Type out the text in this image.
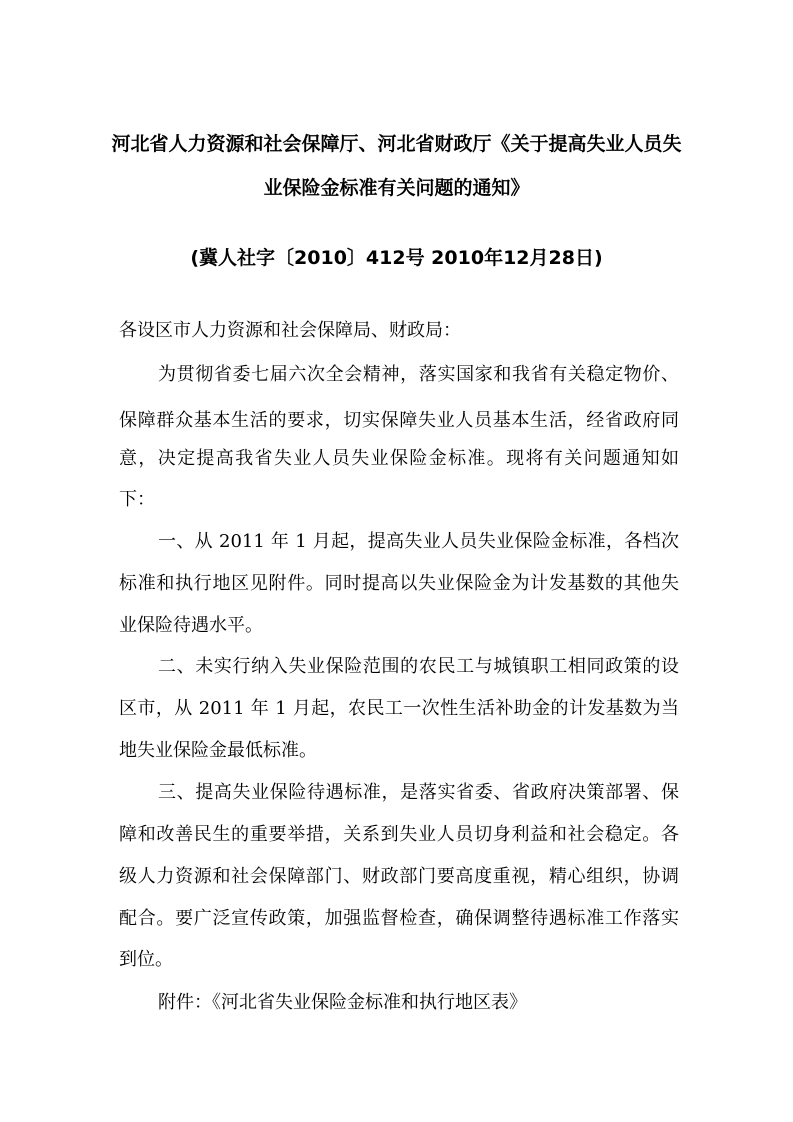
河北省人力资源和社会保障厅、河北省财政厅《关于提高失业人员失
业保险金标准有关问题的通知》
(冀人社字〔2010〕412号 2010年12月28日)
各设区市人力资源和社会保障局、财政局：
为贯彻省委七届六次全会精神，落实国家和我省有关稳定物价、
保障群众基本生活的要求，切实保障失业人员基本生活，经省政府同
意，决定提高我省失业人员失业保险金标准。现将有关问题通知如
下：
一、从 2011 年 1 月起，提高失业人员失业保险金标准，各档次
标准和执行地区见附件。同时提高以失业保险金为计发基数的其他失
业保险待遇水平。
二、未实行纳入失业保险范围的农民工与城镇职工相同政策的设
区市，从 2011 年 1 月起，农民工一次性生活补助金的计发基数为当
地失业保险金最低标准。
三、提高失业保险待遇标准，是落实省委、省政府决策部署、保
障和改善民生的重要举措，关系到失业人员切身利益和社会稳定。各
级人力资源和社会保障部门、财政部门要高度重视，精心组织，协调
配合。要广泛宣传政策，加强监督检查，确保调整待遇标准工作落实
到位。
附件：《河北省失业保险金标准和执行地区表》
